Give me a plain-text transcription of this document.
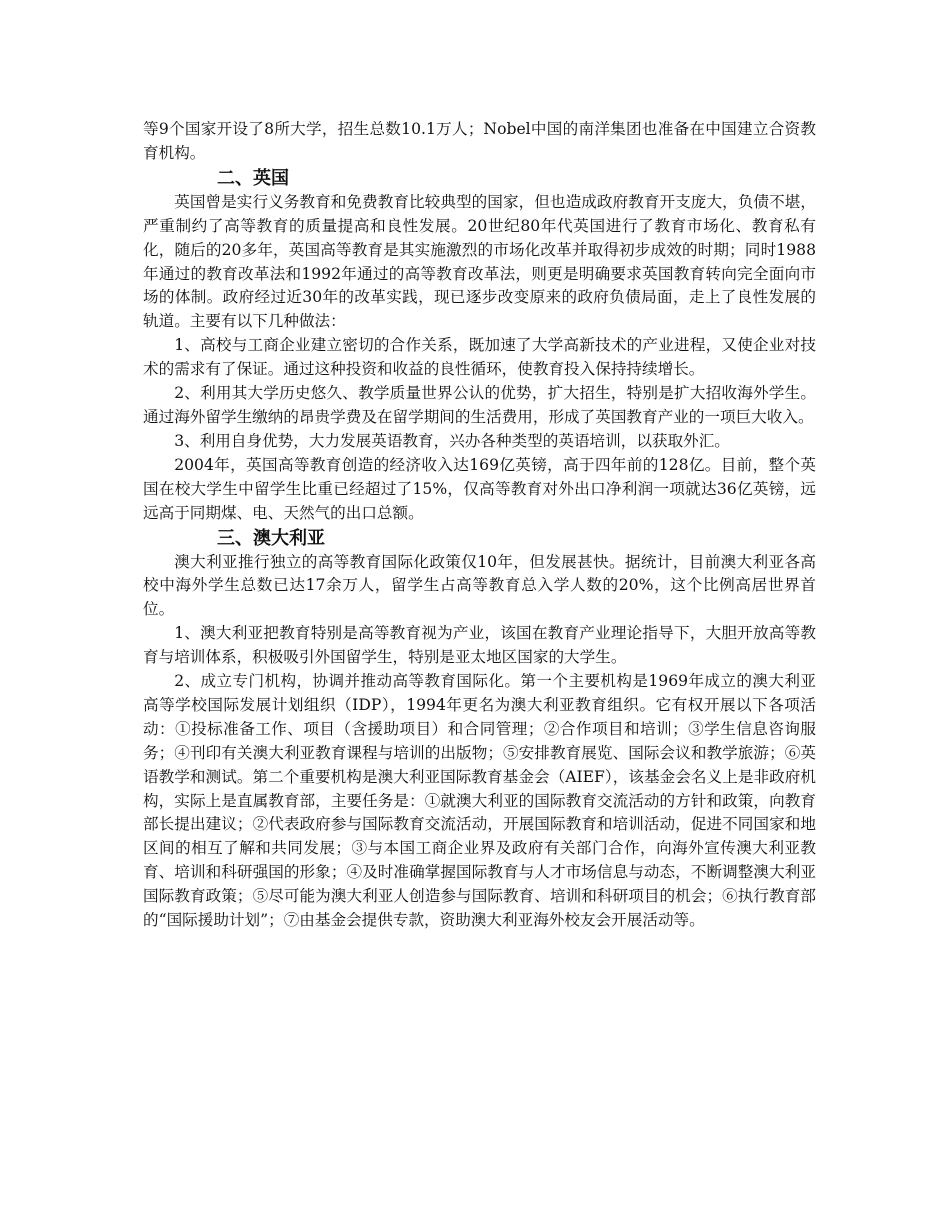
等9个国家开设了8所大学，招生总数10.1万人；Nobel中国的南洋集团也准备在中国建立合资教育机构。

二、英国

英国曾是实行义务教育和免费教育比较典型的国家，但也造成政府教育开支庞大，负债不堪，严重制约了高等教育的质量提高和良性发展。20世纪80年代英国进行了教育市场化、教育私有化，随后的20多年，英国高等教育是其实施激烈的市场化改革并取得初步成效的时期；同时1988年通过的教育改革法和1992年通过的高等教育改革法，则更是明确要求英国教育转向完全面向市场的体制。政府经过近30年的改革实践，现已逐步改变原来的政府负债局面，走上了良性发展的轨道。主要有以下几种做法：

1、高校与工商企业建立密切的合作关系，既加速了大学高新技术的产业进程，又使企业对技术的需求有了保证。通过这种投资和收益的良性循环，使教育投入保持持续增长。

2、利用其大学历史悠久、教学质量世界公认的优势，扩大招生，特别是扩大招收海外学生。通过海外留学生缴纳的昂贵学费及在留学期间的生活费用，形成了英国教育产业的一项巨大收入。

3、利用自身优势，大力发展英语教育，兴办各种类型的英语培训，以获取外汇。

2004年，英国高等教育创造的经济收入达169亿英镑，高于四年前的128亿。目前，整个英国在校大学生中留学生比重已经超过了15%，仅高等教育对外出口净利润一项就达36亿英镑，远远高于同期煤、电、天然气的出口总额。

三、澳大利亚

澳大利亚推行独立的高等教育国际化政策仅10年，但发展甚快。据统计，目前澳大利亚各高校中海外学生总数已达17余万人，留学生占高等教育总入学人数的20%，这个比例高居世界首位。

1、澳大利亚把教育特别是高等教育视为产业，该国在教育产业理论指导下，大胆开放高等教育与培训体系，积极吸引外国留学生，特别是亚太地区国家的大学生。

2、成立专门机构，协调并推动高等教育国际化。第一个主要机构是1969年成立的澳大利亚高等学校国际发展计划组织（IDP），1994年更名为澳大利亚教育组织。它有权开展以下各项活动：①投标准备工作、项目（含援助项目）和合同管理；②合作项目和培训；③学生信息咨询服务；④刊印有关澳大利亚教育课程与培训的出版物；⑤安排教育展览、国际会议和教学旅游；⑥英语教学和测试。第二个重要机构是澳大利亚国际教育基金会（AIEF），该基金会名义上是非政府机构，实际上是直属教育部，主要任务是：①就澳大利亚的国际教育交流活动的方针和政策，向教育部长提出建议；②代表政府参与国际教育交流活动，开展国际教育和培训活动，促进不同国家和地区间的相互了解和共同发展；③与本国工商企业界及政府有关部门合作，向海外宣传澳大利亚教育、培训和科研强国的形象；④及时准确掌握国际教育与人才市场信息与动态，不断调整澳大利亚国际教育政策；⑤尽可能为澳大利亚人创造参与国际教育、培训和科研项目的机会；⑥执行教育部的“国际援助计划”；⑦由基金会提供专款，资助澳大利亚海外校友会开展活动等。
